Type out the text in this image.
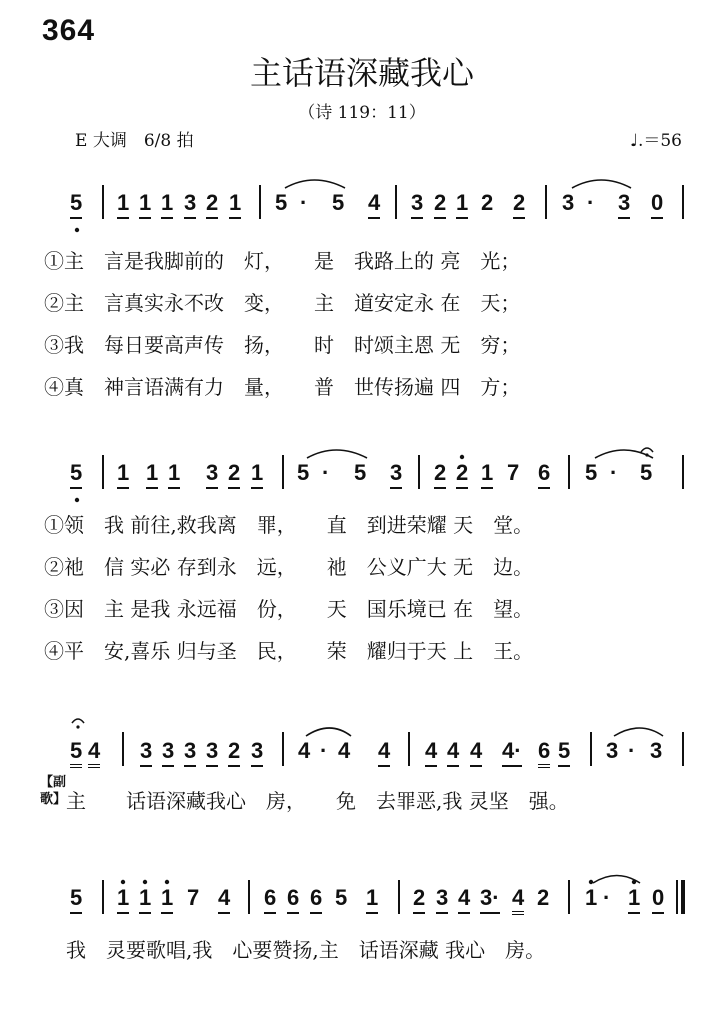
364
主话语深藏我心
（诗 119：11）
E 大调　6/8 拍	♩.＝56
5 1 1 1 3 2 1 5 · 5 4 3 2 1 2 2 3 · 3 0
①主　言是我脚前的　灯，　　是　我路上的 亮　光；
②主　言真实永不改　变，　　主　道安定永 在　天；
③我　每日要高声传　扬，　　时　时颂主恩 无　穷；
④真　神言语满有力　量，　　普　世传扬遍 四　方；
5 1 1 1 3 2 1 5 · 5 3 2 2 1 7 6 5 · 5
①领　我 前往,救我离　罪，　　直　到进荣耀 天　堂。
②祂　信 实必 存到永　远，　　祂　公义广大 无　边。
③因　主 是我 永远福　份，　　天　国乐境已 在　望。
④平　安,喜乐 归与圣　民，　　荣　耀归于天 上　王。
5 4 3 3 3 3 2 3 4 · 4 4 4 4 4 4· 6 5 3 · 3
【副歌】 主　　话语深藏我心　房，　　免　去罪恶,我 灵坚　强。
5 1 1 1 7 4 6 6 6 5 1 2 3 4 3· 4 2 1 · 1 0
我　灵要歌唱,我　心要赞扬,主　话语深藏 我心　房。
